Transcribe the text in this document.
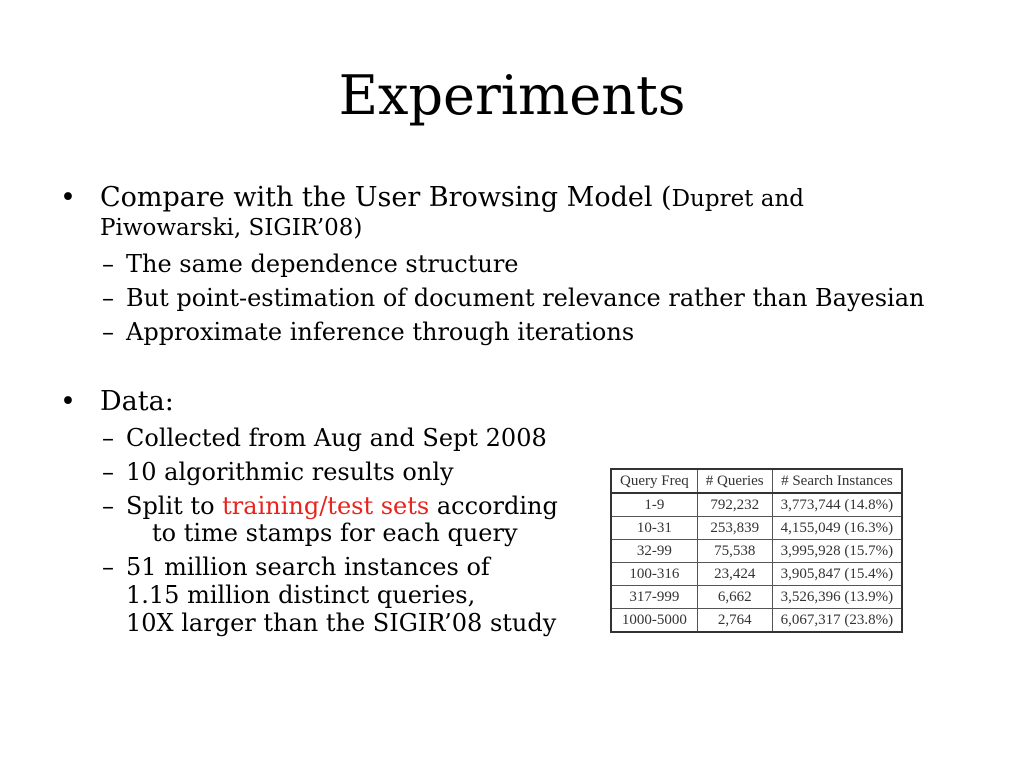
Experiments
• Compare with the User Browsing Model (Dupret and
Piwowarski, SIGIR’08)
– The same dependence structure
– But point-estimation of document relevance rather than Bayesian
– Approximate inference through iterations
• Data:
– Collected from Aug and Sept 2008
– 10 algorithmic results only
– Split to training/test sets according
to time stamps for each query
– 51 million search instances of
1.15 million distinct queries,
10X larger than the SIGIR’08 study
Query Freq	# Queries	# Search Instances
1-9	792,232	3,773,744 (14.8%)
10-31	253,839	4,155,049 (16.3%)
32-99	75,538	3,995,928 (15.7%)
100-316	23,424	3,905,847 (15.4%)
317-999	6,662	3,526,396 (13.9%)
1000-5000	2,764	6,067,317 (23.8%)
